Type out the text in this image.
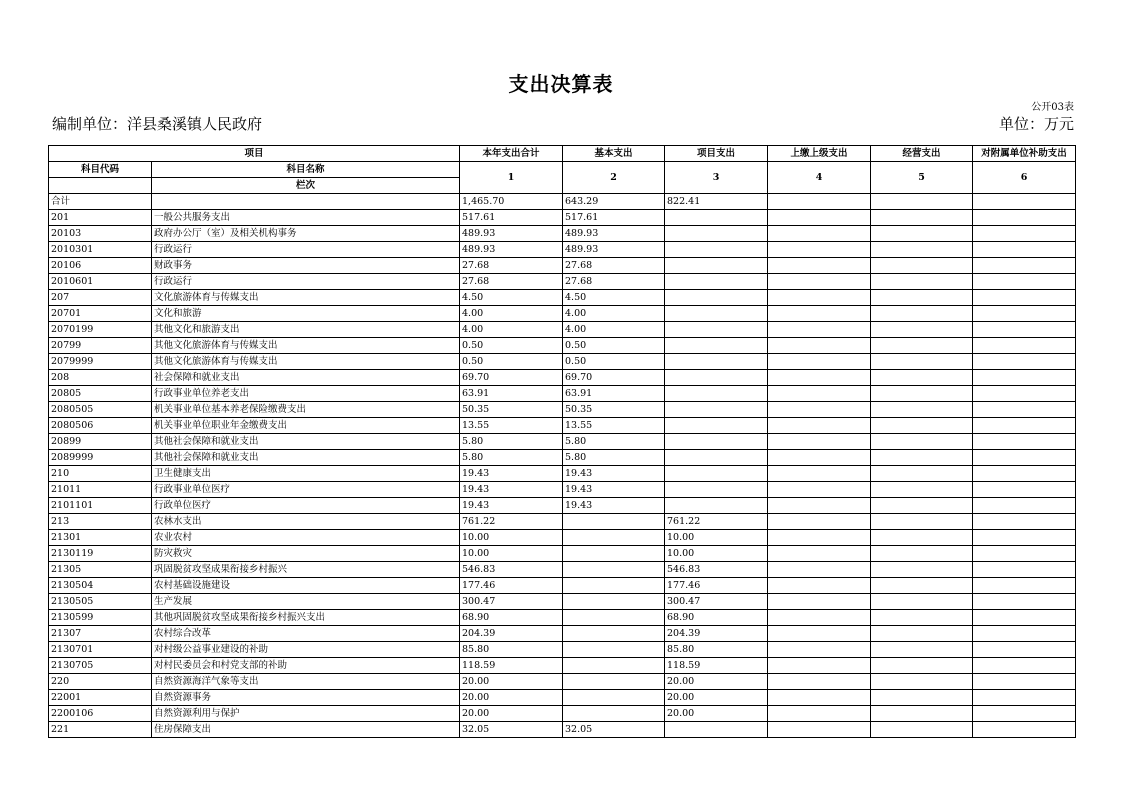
支出决算表
公开03表
编制单位：洋县桑溪镇人民政府	单位：万元
项目		本年支出合计	基本支出	项目支出	上缴上级支出	经营支出	对附属单位补助支出
科目代码	科目名称	1	2	3	4	5	6
	栏次						
合计		1,465.70	643.29	822.41			
201	一般公共服务支出	517.61	517.61				
20103	政府办公厅（室）及相关机构事务	489.93	489.93				
2010301	行政运行	489.93	489.93				
20106	财政事务	27.68	27.68				
2010601	行政运行	27.68	27.68				
207	文化旅游体育与传媒支出	4.50	4.50				
20701	文化和旅游	4.00	4.00				
2070199	其他文化和旅游支出	4.00	4.00				
20799	其他文化旅游体育与传媒支出	0.50	0.50				
2079999	其他文化旅游体育与传媒支出	0.50	0.50				
208	社会保障和就业支出	69.70	69.70				
20805	行政事业单位养老支出	63.91	63.91				
2080505	机关事业单位基本养老保险缴费支出	50.35	50.35				
2080506	机关事业单位职业年金缴费支出	13.55	13.55				
20899	其他社会保障和就业支出	5.80	5.80				
2089999	其他社会保障和就业支出	5.80	5.80				
210	卫生健康支出	19.43	19.43				
21011	行政事业单位医疗	19.43	19.43				
2101101	行政单位医疗	19.43	19.43				
213	农林水支出	761.22		761.22			
21301	农业农村	10.00		10.00			
2130119	防灾救灾	10.00		10.00			
21305	巩固脱贫攻坚成果衔接乡村振兴	546.83		546.83			
2130504	农村基础设施建设	177.46		177.46			
2130505	生产发展	300.47		300.47			
2130599	其他巩固脱贫攻坚成果衔接乡村振兴支出	68.90		68.90			
21307	农村综合改革	204.39		204.39			
2130701	对村级公益事业建设的补助	85.80		85.80			
2130705	对村民委员会和村党支部的补助	118.59		118.59			
220	自然资源海洋气象等支出	20.00		20.00			
22001	自然资源事务	20.00		20.00			
2200106	自然资源利用与保护	20.00		20.00			
221	住房保障支出	32.05	32.05				
